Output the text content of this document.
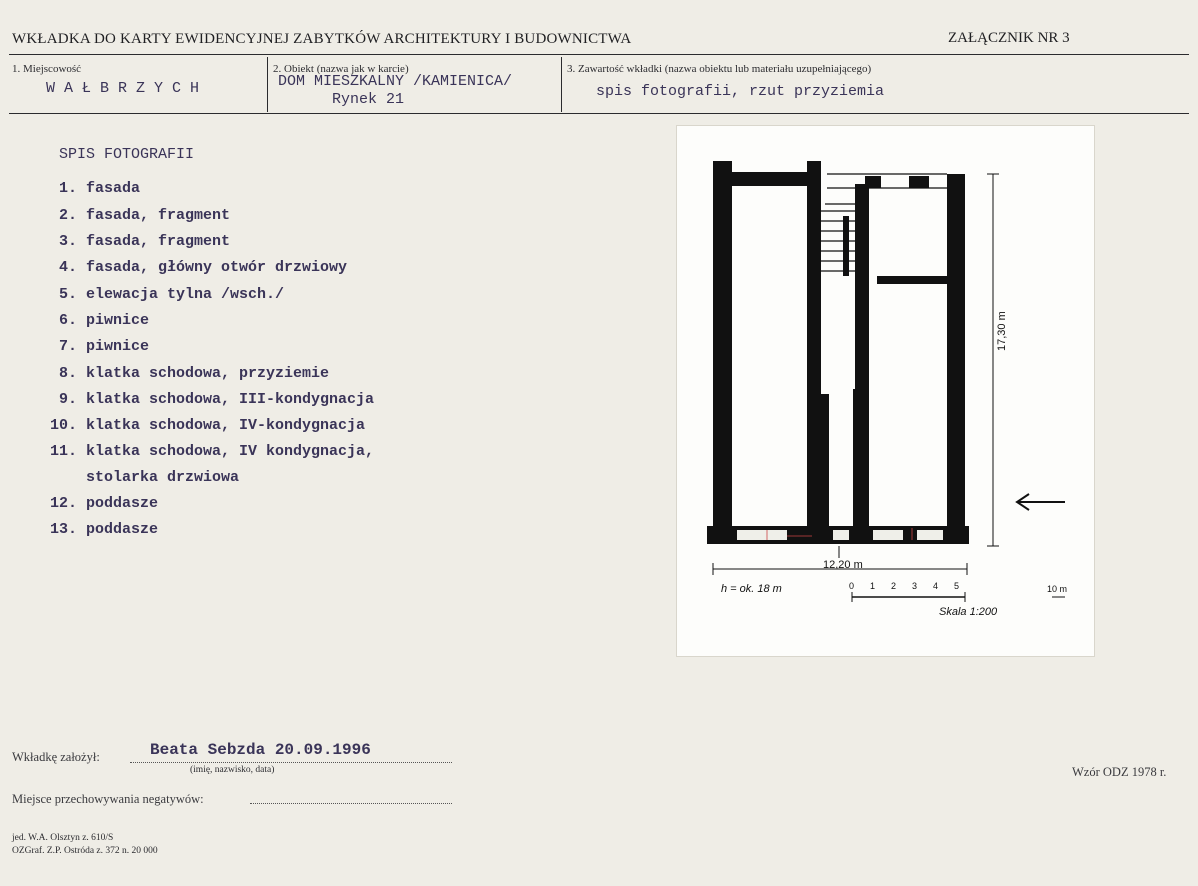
WKŁADKA DO KARTY EWIDENCYJNEJ ZABYTKÓW ARCHITEKTURY I BUDOWNICTWA	ZAŁĄCZNIK NR 3
1. Miejscowość
WAŁBRZYCH
2. Obiekt (nazwa jak w karcie)
DOM MIESZKALNY /KAMIENICA/
Rynek 21
3. Zawartość wkładki (nazwa obiektu lub materiału uzupełniającego)
spis fotografii, rzut przyziemia
SPIS FOTOGRAFII
1. fasada
2. fasada, fragment
3. fasada, fragment
4. fasada, główny otwór drzwiowy
5. elewacja tylna /wsch./
6. piwnice
7. piwnice
8. klatka schodowa, przyziemie
9. klatka schodowa, III-kondygnacja
10. klatka schodowa, IV-kondygnacja
11. klatka schodowa, IV kondygnacja,
stolarka drzwiowa
12. poddasze
13. poddasze
17,30 m
12,20 m
h = ok. 18 m	0 1 2 3 4 5	10 m
Skala 1:200
Wkładkę założył:	Beata Sebzda 20.09.1996
(imię, nazwisko, data)	Wzór ODZ 1978 r.
Miejsce przechowywania negatywów:
jed. W.A. Olsztyn z. 610/S
OZGraf. Z.P. Ostróda z. 372 n. 20 000
